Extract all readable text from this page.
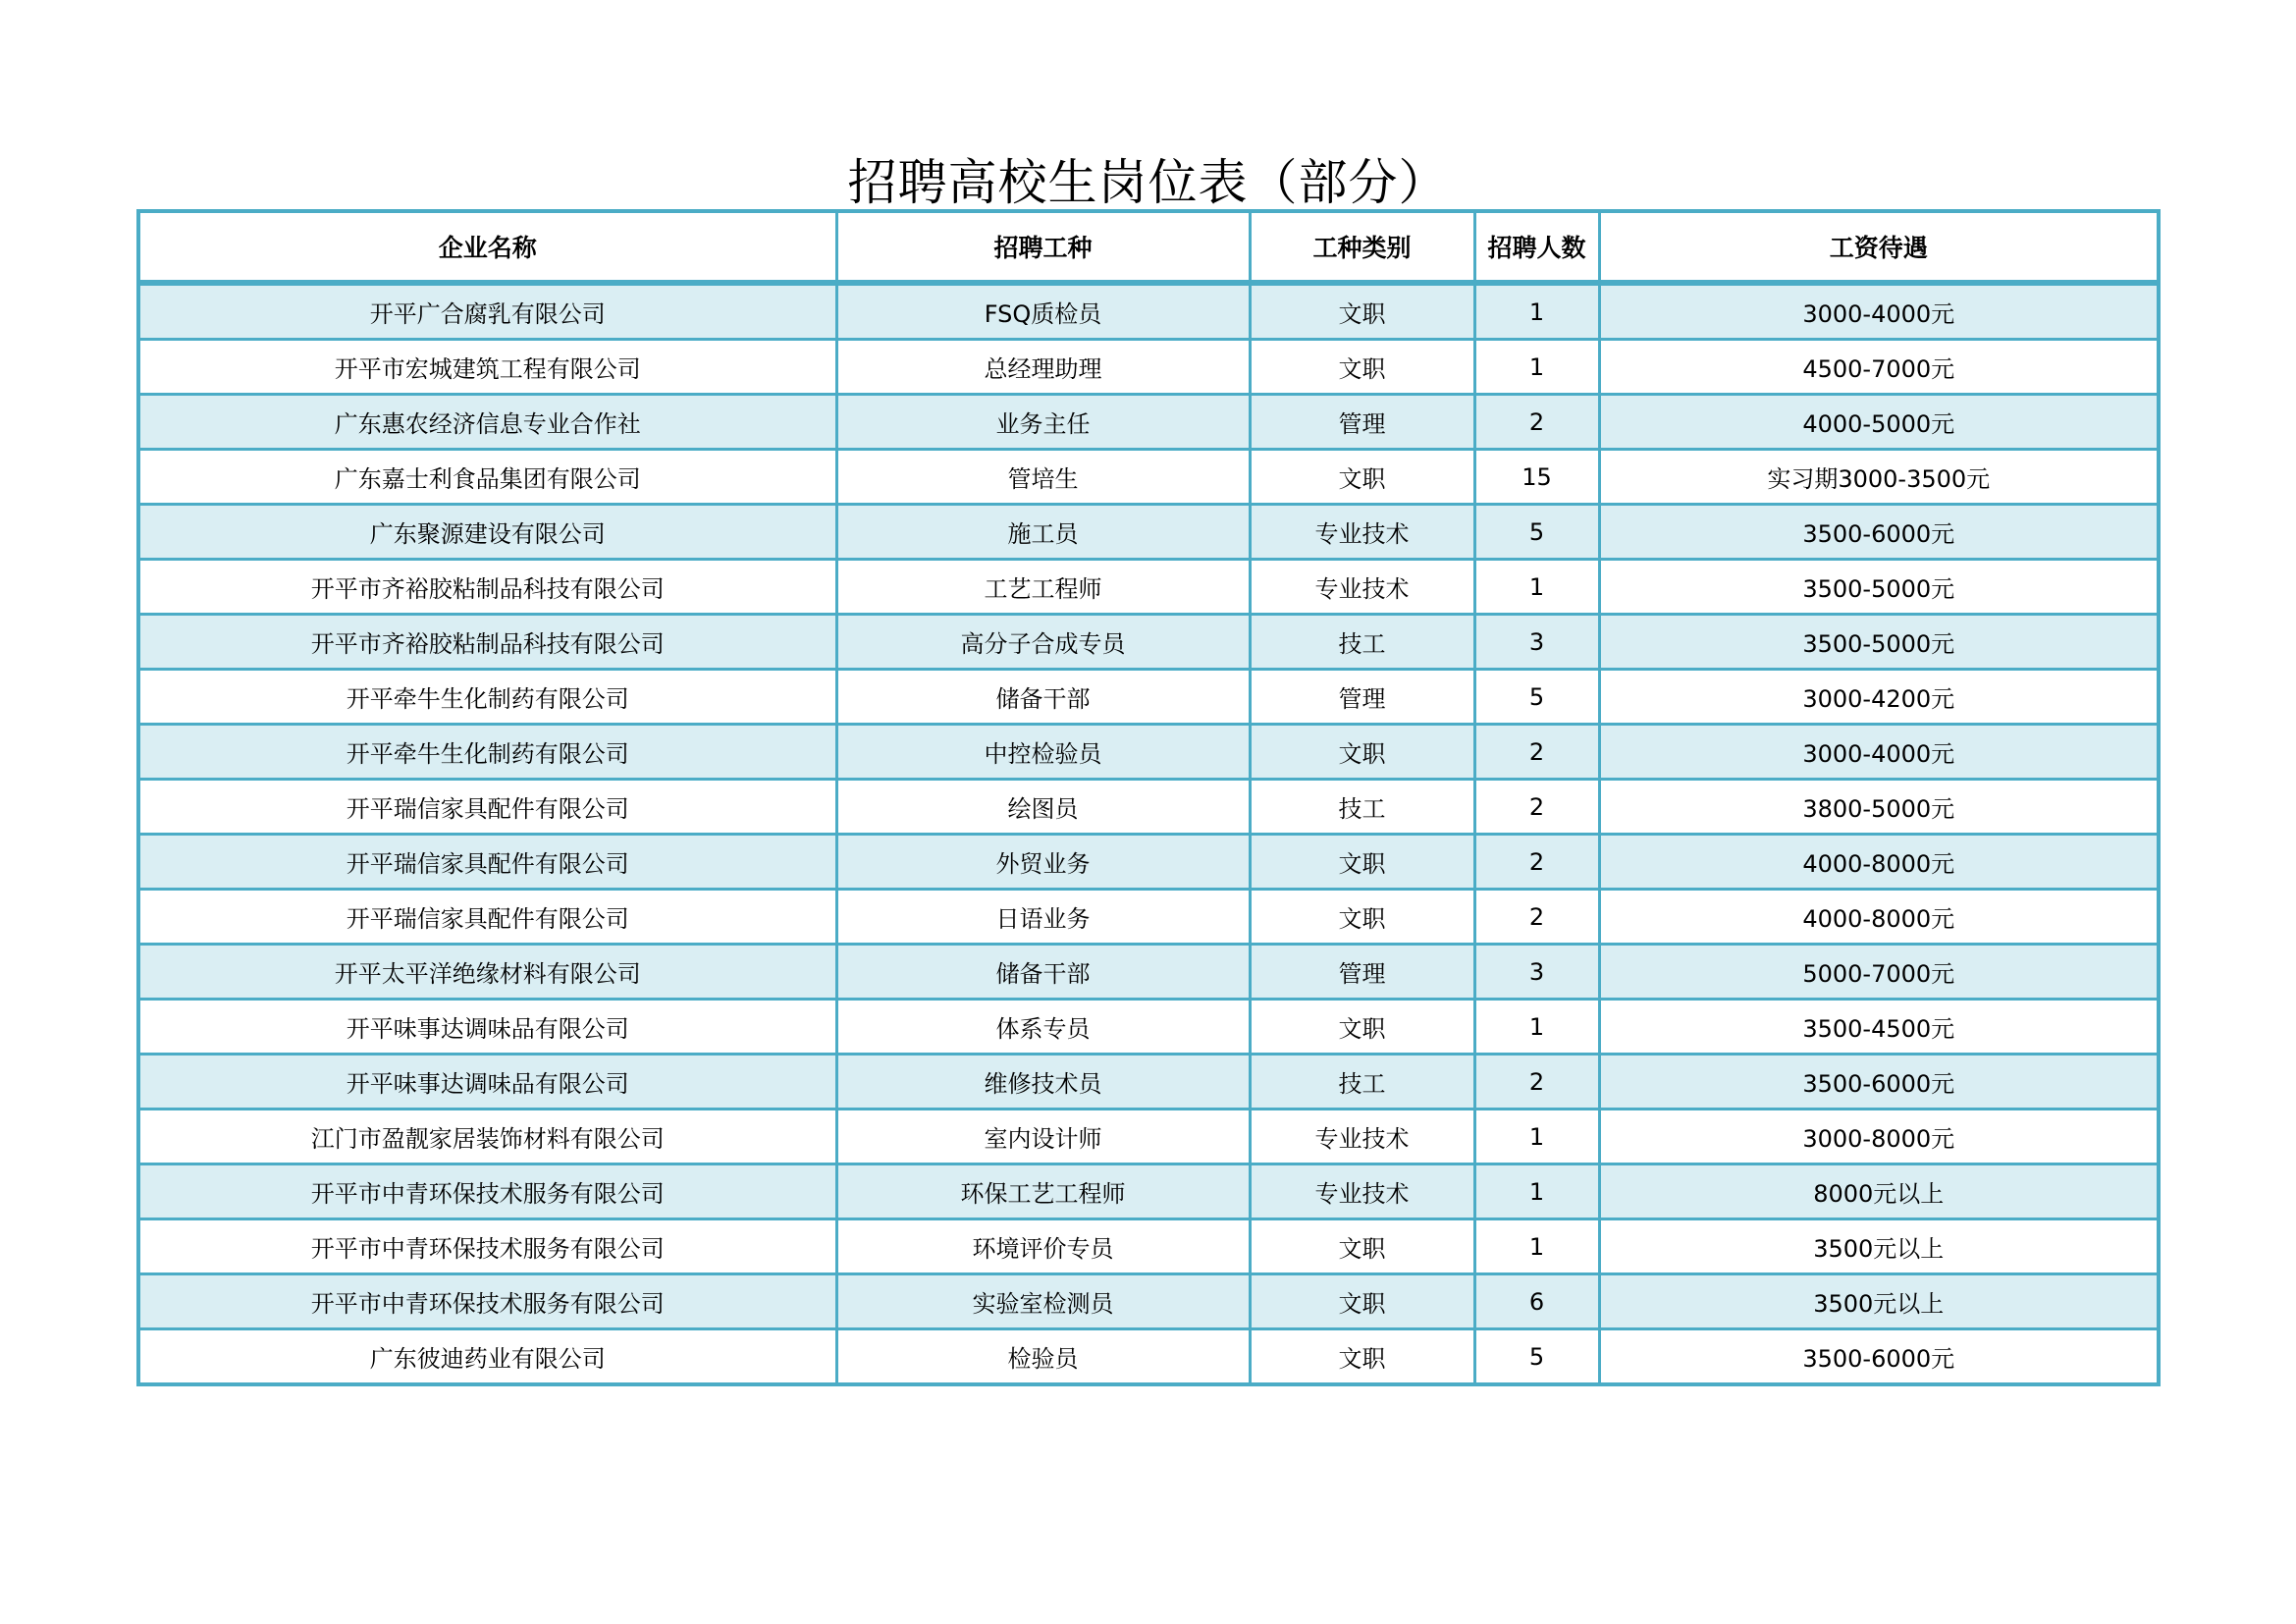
招聘高校生岗位表（部分）
企业名称	招聘工种	工种类别	招聘人数	工资待遇
开平广合腐乳有限公司	FSQ质检员	文职	1	3000-4000元
开平市宏城建筑工程有限公司	总经理助理	文职	1	4500-7000元
广东惠农经济信息专业合作社	业务主任	管理	2	4000-5000元
广东嘉士利食品集团有限公司	管培生	文职	15	实习期3000-3500元
广东聚源建设有限公司	施工员	专业技术	5	3500-6000元
开平市齐裕胶粘制品科技有限公司	工艺工程师	专业技术	1	3500-5000元
开平市齐裕胶粘制品科技有限公司	高分子合成专员	技工	3	3500-5000元
开平牵牛生化制药有限公司	储备干部	管理	5	3000-4200元
开平牵牛生化制药有限公司	中控检验员	文职	2	3000-4000元
开平瑞信家具配件有限公司	绘图员	技工	2	3800-5000元
开平瑞信家具配件有限公司	外贸业务	文职	2	4000-8000元
开平瑞信家具配件有限公司	日语业务	文职	2	4000-8000元
开平太平洋绝缘材料有限公司	储备干部	管理	3	5000-7000元
开平味事达调味品有限公司	体系专员	文职	1	3500-4500元
开平味事达调味品有限公司	维修技术员	技工	2	3500-6000元
江门市盈靓家居装饰材料有限公司	室内设计师	专业技术	1	3000-8000元
开平市中青环保技术服务有限公司	环保工艺工程师	专业技术	1	8000元以上
开平市中青环保技术服务有限公司	环境评价专员	文职	1	3500元以上
开平市中青环保技术服务有限公司	实验室检测员	文职	6	3500元以上
广东彼迪药业有限公司	检验员	文职	5	3500-6000元
